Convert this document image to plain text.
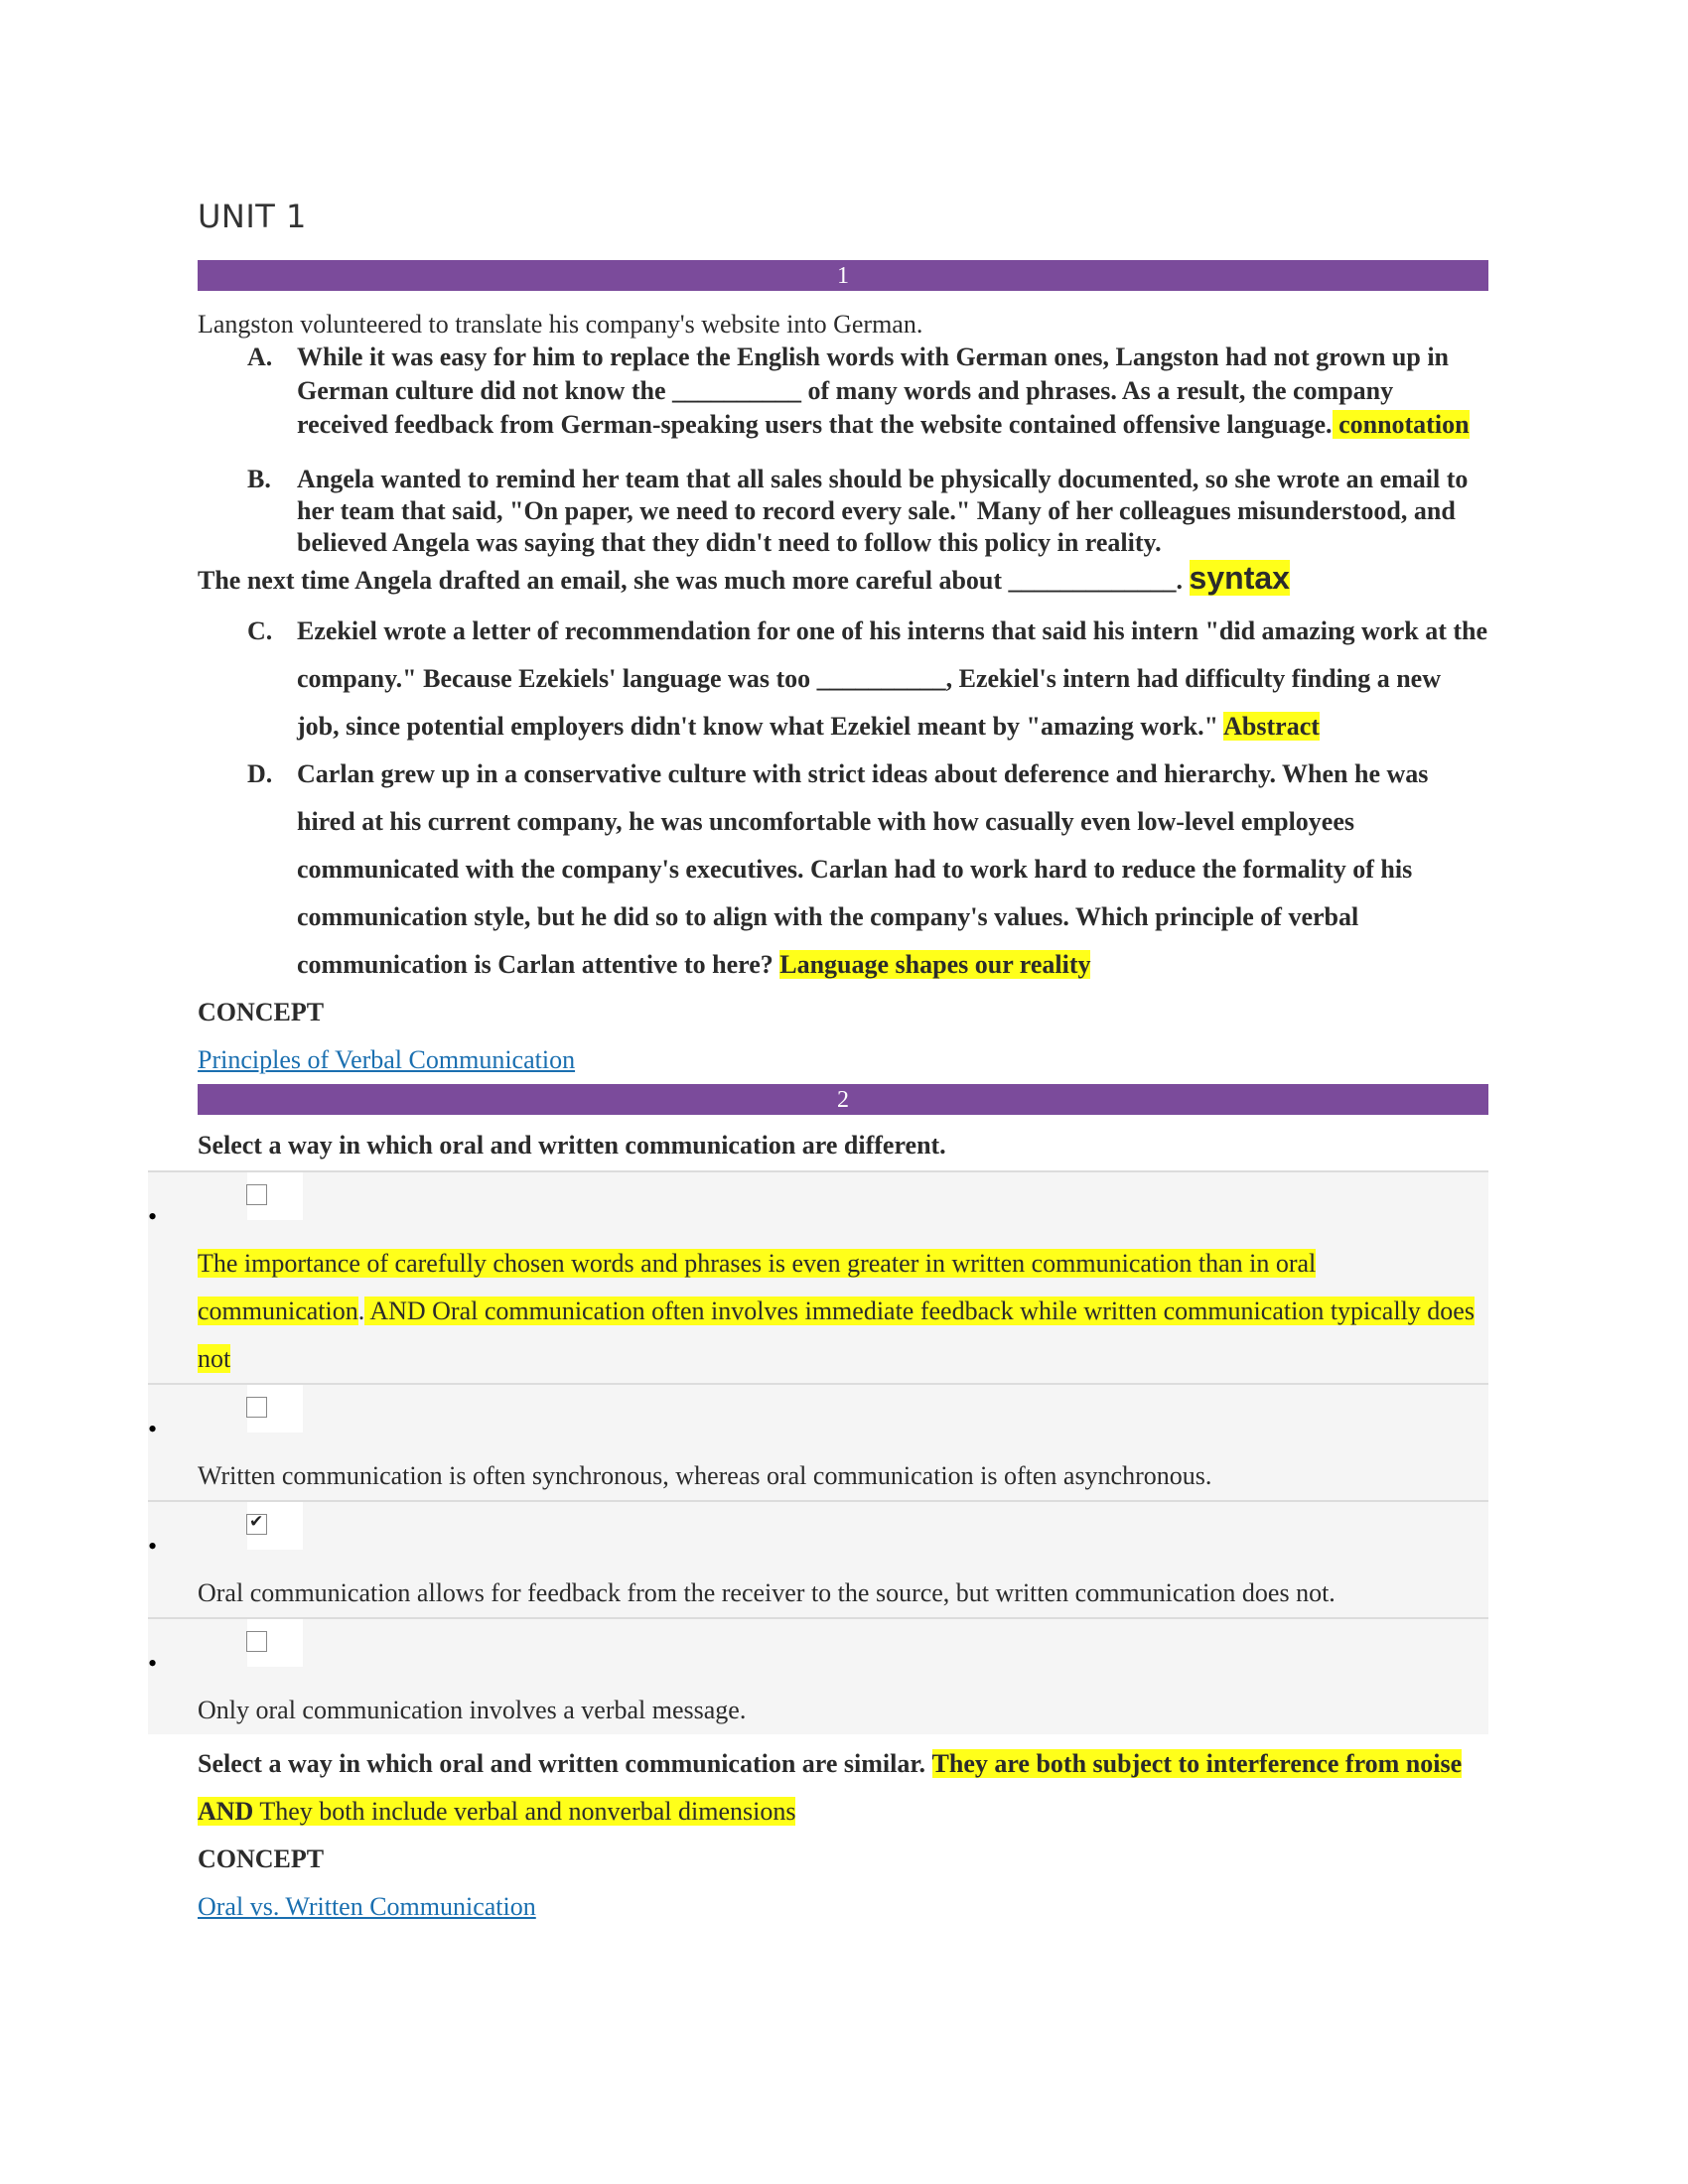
UNIT 1
1
Langston volunteered to translate his company's website into German.
A. While it was easy for him to replace the English words with German ones, Langston had not grown up in German culture did not know the __________ of many words and phrases. As a result, the company received feedback from German-speaking users that the website contained offensive language. connotation
B. Angela wanted to remind her team that all sales should be physically documented, so she wrote an email to her team that said, "On paper, we need to record every sale." Many of her colleagues misunderstood, and believed Angela was saying that they didn't need to follow this policy in reality.
The next time Angela drafted an email, she was much more careful about _____________. syntax
C. Ezekiel wrote a letter of recommendation for one of his interns that said his intern "did amazing work at the company." Because Ezekiels' language was too __________, Ezekiel's intern had difficulty finding a new job, since potential employers didn't know what Ezekiel meant by "amazing work." Abstract
D. Carlan grew up in a conservative culture with strict ideas about deference and hierarchy. When he was hired at his current company, he was uncomfortable with how casually even low-level employees communicated with the company's executives. Carlan had to work hard to reduce the formality of his communication style, but he did so to align with the company's values. Which principle of verbal communication is Carlan attentive to here? Language shapes our reality
CONCEPT
Principles of Verbal Communication
2
Select a way in which oral and written communication are different.
•
The importance of carefully chosen words and phrases is even greater in written communication than in oral communication. AND Oral communication often involves immediate feedback while written communication typically does not
•
Written communication is often synchronous, whereas oral communication is often asynchronous.
•
✔
Oral communication allows for feedback from the receiver to the source, but written communication does not.
•
Only oral communication involves a verbal message.
Select a way in which oral and written communication are similar. They are both subject to interference from noise AND They both include verbal and nonverbal dimensions
CONCEPT
Oral vs. Written Communication
